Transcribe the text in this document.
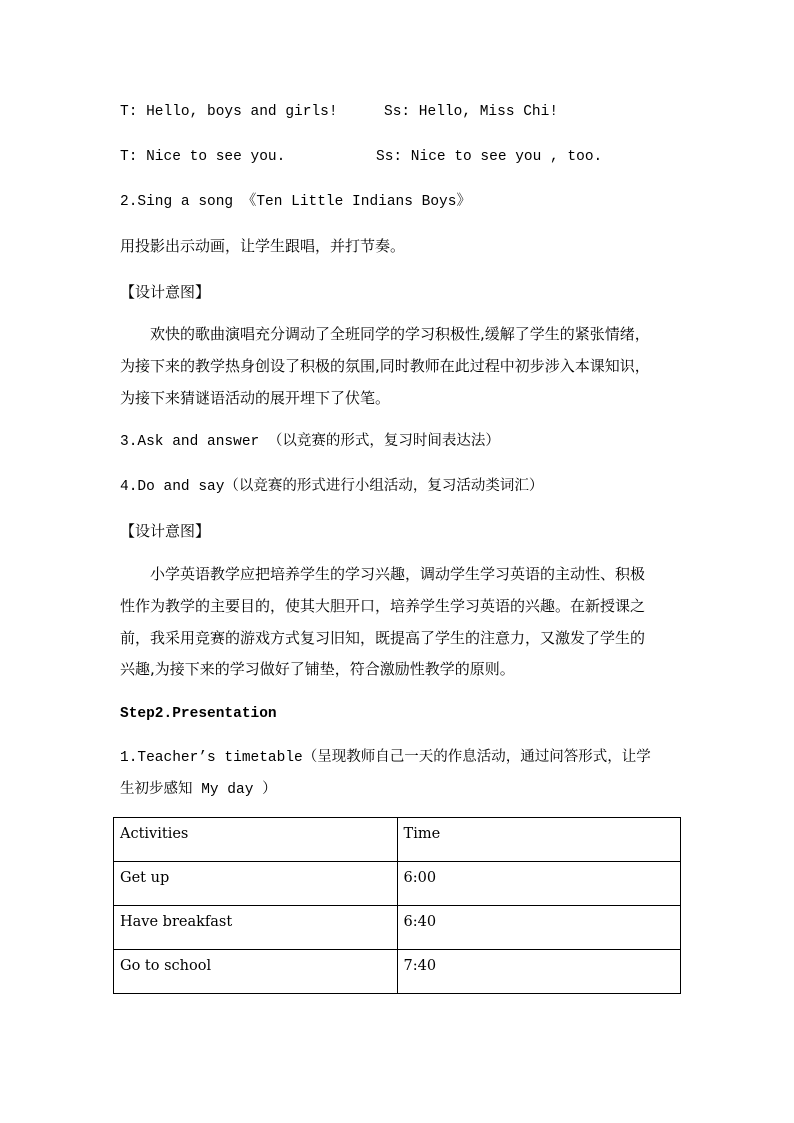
T: Hello, boys and girls!	Ss: Hello, Miss Chi!
T: Nice to see you.	Ss: Nice to see you , too.
2.Sing a song 《Ten Little Indians Boys》
用投影出示动画，让学生跟唱，并打节奏。
【设计意图】
欢快的歌曲演唱充分调动了全班同学的学习积极性,缓解了学生的紧张情绪，
为接下来的教学热身创设了积极的氛围,同时教师在此过程中初步涉入本课知识，
为接下来猜谜语活动的展开埋下了伏笔。
3.Ask and answer （以竞赛的形式，复习时间表达法）
4.Do and say（以竞赛的形式进行小组活动，复习活动类词汇）
【设计意图】
小学英语教学应把培养学生的学习兴趣，调动学生学习英语的主动性、积极
性作为教学的主要目的，使其大胆开口，培养学生学习英语的兴趣。在新授课之
前，我采用竞赛的游戏方式复习旧知，既提高了学生的注意力，又激发了学生的
兴趣,为接下来的学习做好了铺垫，符合激励性教学的原则。
Step2.Presentation
1.Teacher’s timetable（呈现教师自己一天的作息活动，通过问答形式，让学
生初步感知 My day ）
Activities	Time
Get up	6:00
Have breakfast	6:40
Go to school	7:40
